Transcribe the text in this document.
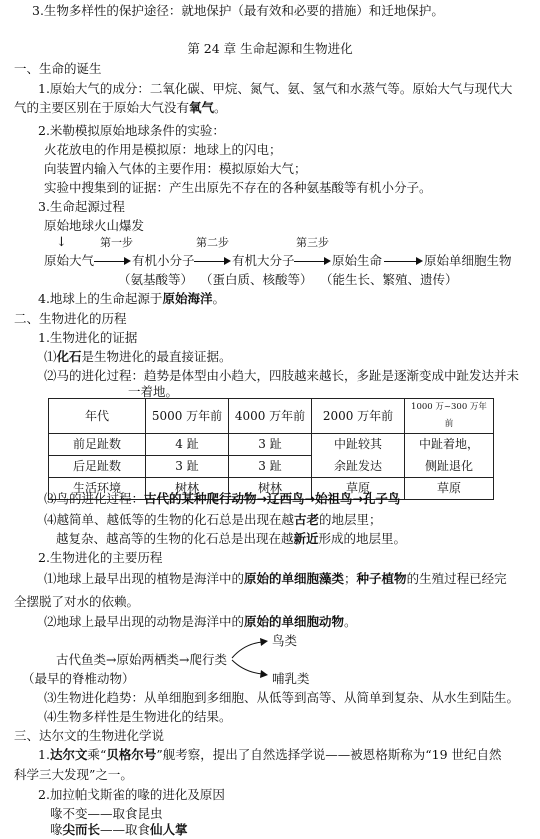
3.生物多样性的保护途径：就地保护（最有效和必要的措施）和迁地保护。
第 24 章 生命起源和生物进化
一、生命的诞生
1.原始大气的成分：二氧化碳、甲烷、氮气、氨、氢气和水蒸气等。原始大气与现代大
气的主要区别在于原始大气没有氧气。
2.米勒模拟原始地球条件的实验：
火花放电的作用是模拟原：地球上的闪电；
向装置内输入气体的主要作用：模拟原始大气；
实验中搜集到的证据：产生出原先不存在的各种氨基酸等有机小分子。
3.生命起源过程
原始地球火山爆发
↓	第一步	第二步	第三步
原始大气	有机小分子	有机大分子	原始生命	原始单细胞生物
（氨基酸等） （蛋白质、核酸等） （能生长、繁殖、遗传）
4.地球上的生命起源于原始海洋。
二、生物进化的历程
1.生物进化的证据
⑴化石是生物进化的最直接证据。
⑵马的进化过程：趋势是体型由小趋大，四肢越来越长，多趾是逐渐变成中趾发达并未
一着地。
年代	5000 万年前	4000 万年前	2000 万年前	1000 万~300 万年前
前足趾数	4 趾	3 趾	中趾较其	中趾着地，
后足趾数	3 趾	3 趾	余趾发达	侧趾退化
生活环境	树林	树林	草原	草原
⑶鸟的进化过程：古代的某种爬行动物→辽西鸟→始祖鸟→孔子鸟
⑷越简单、越低等的生物的化石总是出现在越古老的地层里；
越复杂、越高等的生物的化石总是出现在越新近形成的地层里。
2.生物进化的主要历程
⑴地球上最早出现的植物是海洋中的原始的单细胞藻类；种子植物的生殖过程已经完
全摆脱了对水的依赖。
⑵地球上最早出现的动物是海洋中的原始的单细胞动物。
鸟类
古代鱼类→原始两栖类→爬行类
（最早的脊椎动物）	哺乳类
⑶生物进化趋势：从单细胞到多细胞、从低等到高等、从简单到复杂、从水生到陆生。
⑷生物多样性是生物进化的结果。
三、达尔文的生物进化学说
1.达尔文乘“贝格尔号”舰考察，提出了自然选择学说——被恩格斯称为“19 世纪自然
科学三大发现”之一。
2.加拉帕戈斯雀的喙的进化及原因
喙不变——取食昆虫
喙尖而长——取食仙人掌
